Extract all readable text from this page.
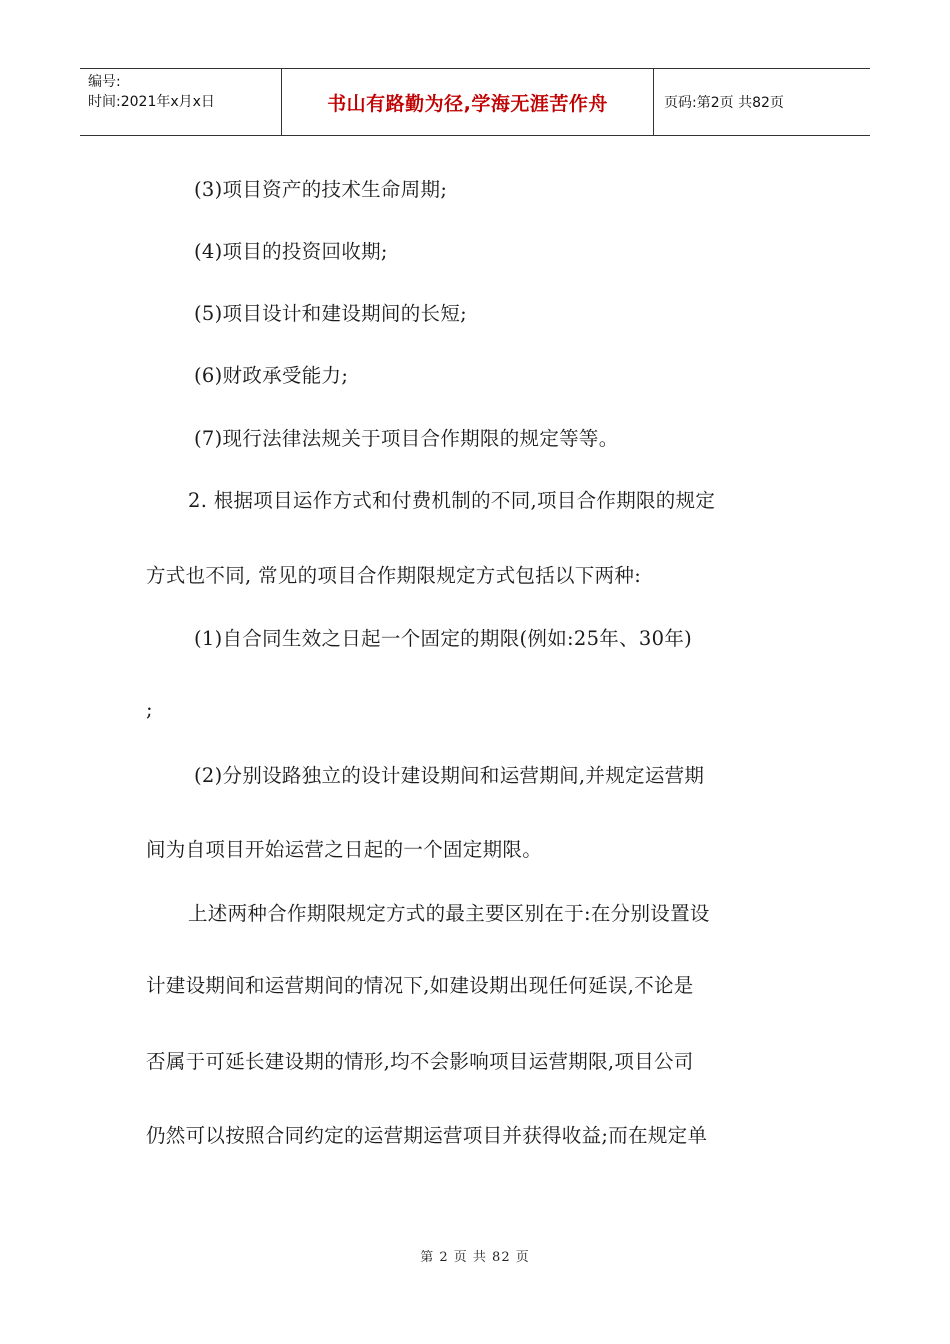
编号:
时间:2021年x月x日	书山有路勤为径,学海无涯苦作舟	页码:第2页 共82页
(3)项目资产的技术生命周期;
(4)项目的投资回收期;
(5)项目设计和建设期间的长短;
(6)财政承受能力;
(7)现行法律法规关于项目合作期限的规定等等。
2. 根据项目运作方式和付费机制的不同,项目合作期限的规定
方式也不同, 常见的项目合作期限规定方式包括以下两种:
(1)自合同生效之日起一个固定的期限(例如:25年、30年)
;
(2)分别设路独立的设计建设期间和运营期间,并规定运营期
间为自项目开始运营之日起的一个固定期限。
上述两种合作期限规定方式的最主要区别在于:在分别设置设
计建设期间和运营期间的情况下,如建设期出现任何延误,不论是
否属于可延长建设期的情形,均不会影响项目运营期限,项目公司
仍然可以按照合同约定的运营期运营项目并获得收益;而在规定单
第 2 页 共 82 页
